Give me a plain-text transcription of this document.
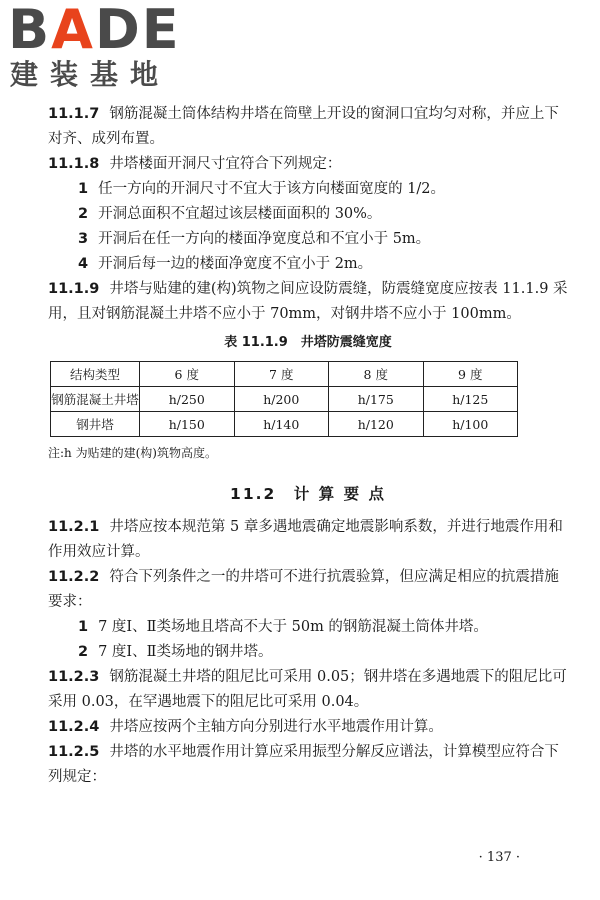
BADE
建装基地

11.1.7 钢筋混凝土筒体结构井塔在筒壁上开设的窗洞口宜均匀对称，并应上下对齐、成列布置。

11.1.8 井塔楼面开洞尺寸宜符合下列规定：

1 任一方向的开洞尺寸不宜大于该方向楼面宽度的 1/2。

2 开洞总面积不宜超过该层楼面面积的 30%。

3 开洞后在任一方向的楼面净宽度总和不宜小于 5m。

4 开洞后每一边的楼面净宽度不宜小于 2m。

11.1.9 井塔与贴建的建(构)筑物之间应设防震缝，防震缝宽度应按表 11.1.9 采用，且对钢筋混凝土井塔不应小于 70mm，对钢井塔不应小于 100mm。

表 11.1.9　井塔防震缝宽度
结构类型	6 度	7 度	8 度	9 度
钢筋混凝土井塔	h/250	h/200	h/175	h/125
钢井塔	h/150	h/140	h/120	h/100
注:h 为贴建的建(构)筑物高度。
11.2　计 算 要 点

11.2.1 井塔应按本规范第 5 章多遇地震确定地震影响系数，并进行地震作用和作用效应计算。

11.2.2 符合下列条件之一的井塔可不进行抗震验算，但应满足相应的抗震措施要求：

1 7 度Ⅰ、Ⅱ类场地且塔高不大于 50m 的钢筋混凝土筒体井塔。

2 7 度Ⅰ、Ⅱ类场地的钢井塔。

11.2.3 钢筋混凝土井塔的阻尼比可采用 0.05；钢井塔在多遇地震下的阻尼比可采用 0.03，在罕遇地震下的阻尼比可采用 0.04。

11.2.4 井塔应按两个主轴方向分别进行水平地震作用计算。

11.2.5 井塔的水平地震作用计算应采用振型分解反应谱法，计算模型应符合下列规定：

· 137 ·
